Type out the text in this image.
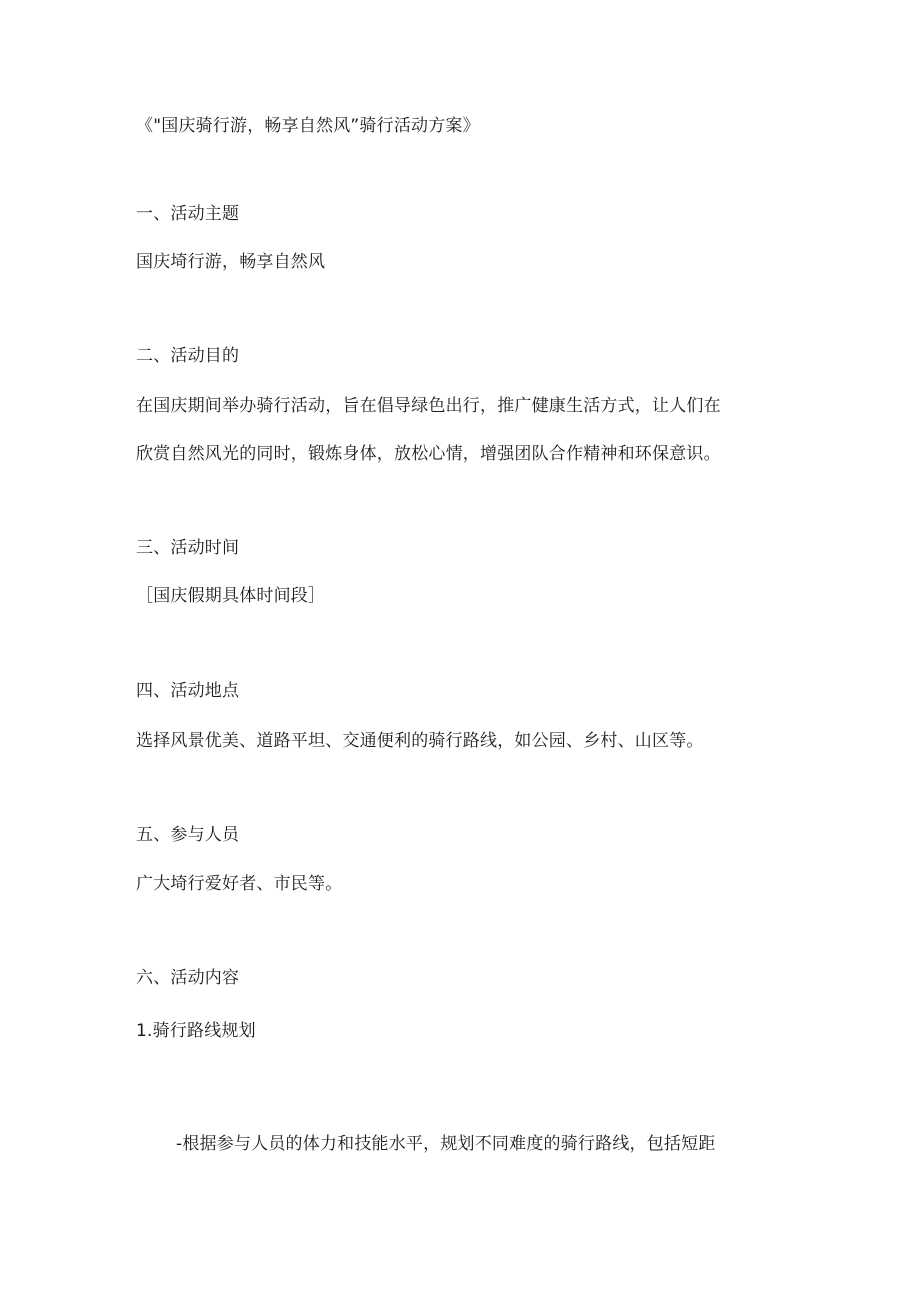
《"国庆骑行游，畅享自然风”骑行活动方案》
一、活动主题
国庆埼行游，畅享自然风
二、活动目的
在国庆期间举办骑行活动，旨在倡导绿色出行，推广健康生活方式，让人们在
欣赏自然风光的同时，锻炼身体，放松心情，增强团队合作精神和环保意识。
三、活动时间
［国庆假期具体时间段］
四、活动地点
选择风景优美、道路平坦、交通便利的骑行路线，如公园、乡村、山区等。
五、参与人员
广大埼行爱好者、市民等。
六、活动内容
1.骑行路线规划
-根据参与人员的体力和技能水平，规划不同难度的骑行路线，包括短距
